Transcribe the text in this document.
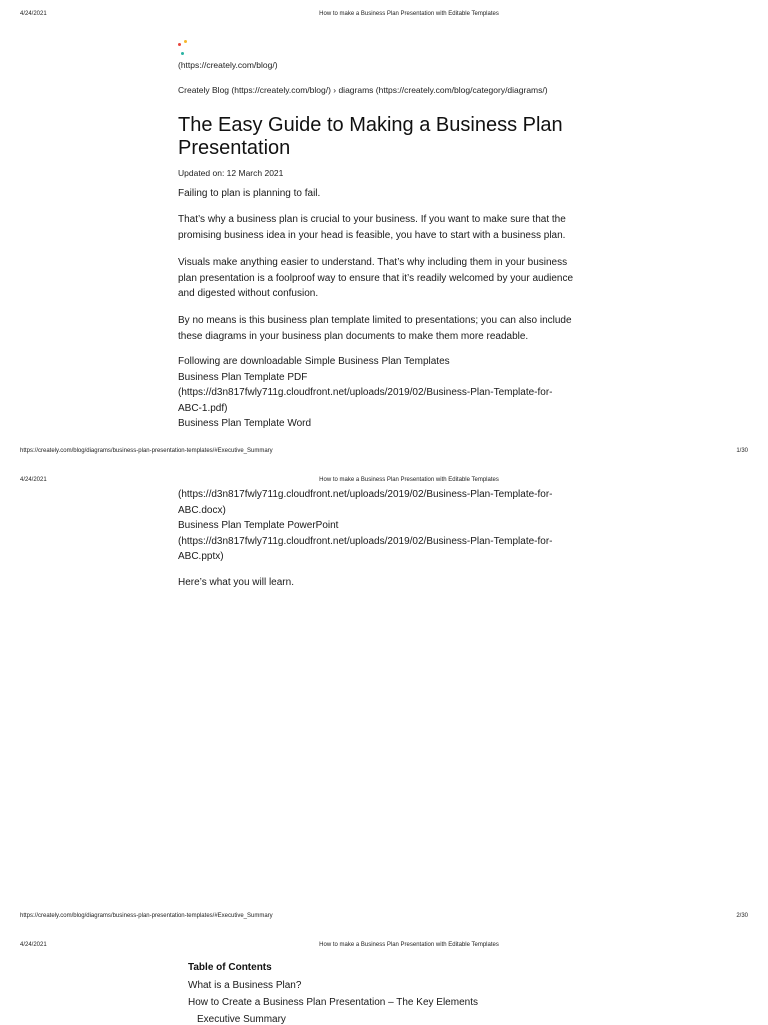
4/24/2021	How to make a Business Plan Presentation with Editable Templates
(https://creately.com/blog/)
Creately Blog (https://creately.com/blog/) › diagrams (https://creately.com/blog/category/diagrams/)
The Easy Guide to Making a Business Plan
Presentation
Updated on: 12 March 2021

Failing to plan is planning to fail.

That’s why a business plan is crucial to your business. If you want to make sure that the
promising business idea in your head is feasible, you have to start with a business plan.

Visuals make anything easier to understand. That’s why including them in your business
plan presentation is a foolproof way to ensure that it’s readily welcomed by your audience
and digested without confusion.

By no means is this business plan template limited to presentations; you can also include
these diagrams in your business plan documents to make them more readable.

Following are downloadable Simple Business Plan Templates
Business Plan Template PDF
(https://d3n817fwly711g.cloudfront.net/uploads/2019/02/Business-Plan-Template-for-
ABC-1.pdf)
Business Plan Template Word

https://creately.com/blog/diagrams/business-plan-presentation-templates/#Executive_Summary	1/30
4/24/2021	How to make a Business Plan Presentation with Editable Templates

(https://d3n817fwly711g.cloudfront.net/uploads/2019/02/Business-Plan-Template-for-
ABC.docx)
Business Plan Template PowerPoint
(https://d3n817fwly711g.cloudfront.net/uploads/2019/02/Business-Plan-Template-for-
ABC.pptx)

Here’s what you will learn.

https://creately.com/blog/diagrams/business-plan-presentation-templates/#Executive_Summary	2/30
4/24/2021	How to make a Business Plan Presentation with Editable Templates
Table of Contents
What is a Business Plan?
How to Create a Business Plan Presentation – The Key Elements
Executive Summary
